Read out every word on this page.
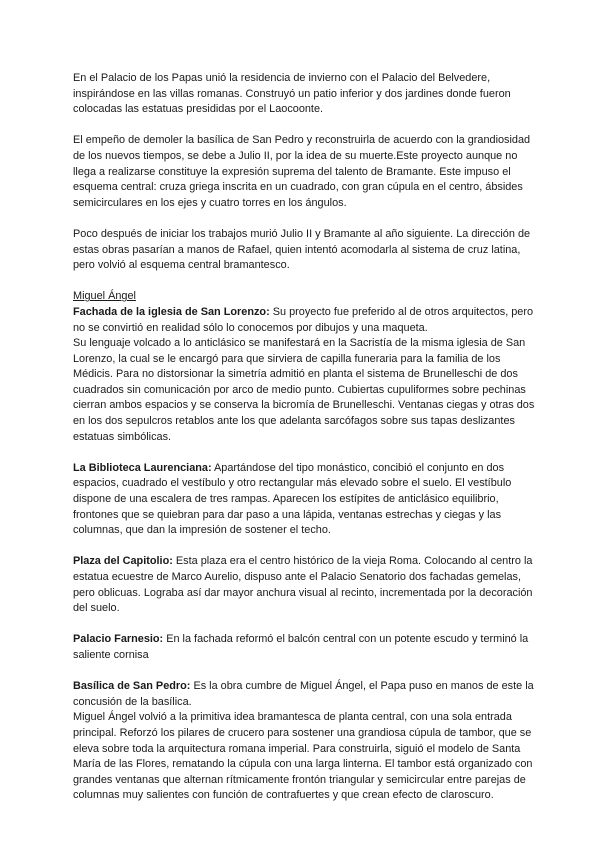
En el Palacio de los Papas unió la residencia de invierno con el Palacio del Belvedere, inspirándose en las villas romanas. Construyó un patio inferior y dos jardines donde fueron colocadas las estatuas presididas por el Laocoonte.

El empeño de demoler la basílica de San Pedro y reconstruirla de acuerdo con la grandiosidad de los nuevos tiempos, se debe a Julio II, por la idea de su muerte.Este proyecto aunque no llega a realizarse constituye la expresión suprema del talento de Bramante. Este impuso el esquema central: cruza griega inscrita en un cuadrado, con gran cúpula en el centro, ábsides semicirculares en los ejes y cuatro torres en los ángulos.

Poco después de iniciar los trabajos murió Julio II y Bramante al año siguiente. La dirección de estas obras pasarían a manos de Rafael, quien intentó acomodarla al sistema de cruz latina, pero volvió al esquema central bramantesco.

Miguel Ángel

Fachada de la iglesia de San Lorenzo: Su proyecto fue preferido al de otros arquitectos, pero no se convirtió en realidad sólo lo conocemos por dibujos y una maqueta.

Su lenguaje volcado a lo anticlásico se manifestará en la Sacristía de la misma iglesia de San Lorenzo, la cual se le encargó para que sirviera de capilla funeraria para la familia de los Médicis. Para no distorsionar la simetría admitió en planta el sistema de Brunelleschi de dos cuadrados sin comunicación por arco de medio punto. Cubiertas cupuliformes sobre pechinas cierran ambos espacios y se conserva la bicromía de Brunelleschi. Ventanas ciegas y otras dos en los dos sepulcros retablos ante los que adelanta sarcófagos sobre sus tapas deslizantes estatuas simbólicas.

La Biblioteca Laurenciana: Apartándose del tipo monástico, concibió el conjunto en dos espacios, cuadrado el vestíbulo y otro rectangular más elevado sobre el suelo. El vestíbulo dispone de una escalera de tres rampas. Aparecen los estípites de anticlásico equilibrio, frontones que se quiebran para dar paso a una lápida, ventanas estrechas y ciegas y las columnas, que dan la impresión de sostener el techo.

Plaza del Capitolio: Esta plaza era el centro histórico de la vieja Roma. Colocando al centro la estatua ecuestre de Marco Aurelio, dispuso ante el Palacio Senatorio dos fachadas gemelas, pero oblicuas. Lograba así dar mayor anchura visual al recinto, incrementada por la decoración del suelo.

Palacio Farnesio: En la fachada reformó el balcón central con un potente escudo y terminó la saliente cornisa

Basílica de San Pedro: Es la obra cumbre de Miguel Ángel, el Papa puso en manos de este la concusión de la basílica.

Miguel Ángel volvió a la primitiva idea bramantesca de planta central, con una sola entrada principal. Reforzó los pilares de crucero para sostener una grandiosa cúpula de tambor, que se eleva sobre toda la arquitectura romana imperial. Para construirla, siguió el modelo de Santa María de las Flores, rematando la cúpula con una larga linterna. El tambor está organizado con grandes ventanas que alternan rítmicamente frontón triangular y semicircular entre parejas de columnas muy salientes con función de contrafuertes y que crean efecto de claroscuro.
